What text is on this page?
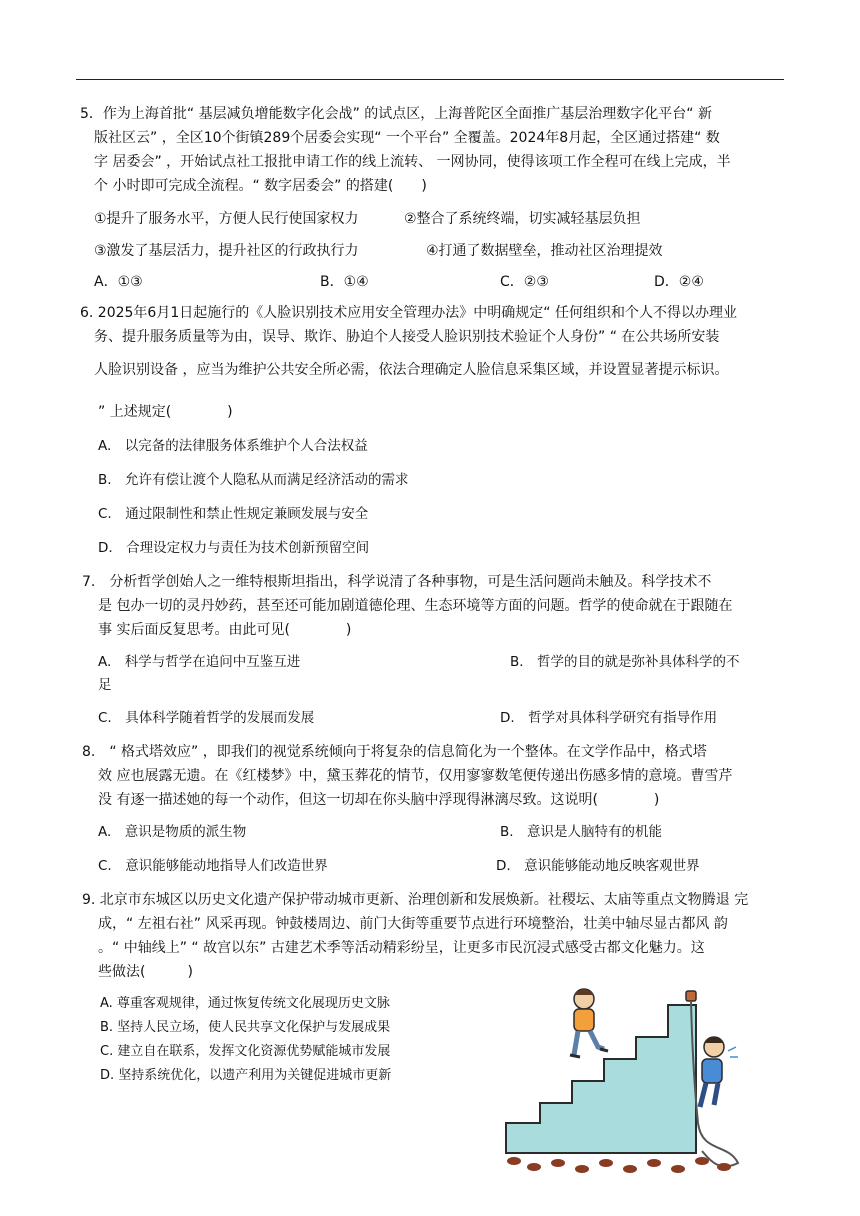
5．作为上海首批“ 基层减负增能数字化会战” 的试点区，上海普陀区全面推广基层治理数字化平台“ 新
版社区云” ，全区10个街镇289个居委会实现“ 一个平台” 全覆盖。2024年8月起，全区通过搭建“ 数
字 居委会” ，开始试点社工报批申请工作的线上流转、 一网协同，使得该项工作全程可在线上完成，半
个 小时即可完成全流程。“ 数字居委会” 的搭建(　　)
①提升了服务水平，方便人民行使国家权力	②整合了系统终端，切实减轻基层负担
③激发了基层活力，提升社区的行政执行力	④打通了数据壁垒，推动社区治理提效
A．①③	B．①④	C．②③	D．②④
6. 2025年6月1日起施行的《人脸识别技术应用安全管理办法》中明确规定“ 任何组织和个人不得以办理业
务、提升服务质量等为由，误导、欺诈、胁迫个人接受人脸识别技术验证个人身份” “ 在公共场所安装
人脸识别设备 ，应当为维护公共安全所必需，依法合理确定人脸信息采集区域，并设置显著提示标识。
” 上述规定(　　　　)
A.　以完备的法律服务体系维护个人合法权益
B.　允许有偿让渡个人隐私从而满足经济活动的需求
C.　通过限制性和禁止性规定兼顾发展与安全
D.　合理设定权力与责任为技术创新预留空间
7.　分析哲学创始人之一维特根斯坦指出，科学说清了各种事物，可是生活问题尚未触及。科学技术不
是 包办一切的灵丹妙药，甚至还可能加剧道德伦理、生态环境等方面的问题。哲学的使命就在于跟随在
事 实后面反复思考。由此可见(　　　　)
A.　科学与哲学在追问中互鉴互进	B.　哲学的目的就是弥补具体科学的不
足
C.　具体科学随着哲学的发展而发展	D.　哲学对具体科学研究有指导作用
8.　“ 格式塔效应” ，即我们的视觉系统倾向于将复杂的信息简化为一个整体。在文学作品中，格式塔
效 应也展露无遗。在《红楼梦》中，黛玉葬花的情节，仅用寥寥数笔便传递出伤感多情的意境。曹雪芹
没 有逐一描述她的每一个动作，但这一切却在你头脑中浮现得淋漓尽致。这说明(　　　　)
A.　意识是物质的派生物	B.　意识是人脑特有的机能
C.　意识能够能动地指导人们改造世界	D.　意识能够能动地反映客观世界
9. 北京市东城区以历史文化遗产保护带动城市更新、治理创新和发展焕新。社稷坛、太庙等重点文物腾退 完
成，“ 左祖右社” 风采再现。钟鼓楼周边、前门大街等重要节点进行环境整治，壮美中轴尽显古都风 韵
。“ 中轴线上” “ 故宫以东” 古建艺术季等活动精彩纷呈，让更多市民沉浸式感受古都文化魅力。这
些做法(　　　)
A. 尊重客观规律，通过恢复传统文化展现历史文脉
B. 坚持人民立场，使人民共享文化保护与发展成果
C. 建立自在联系，发挥文化资源优势赋能城市发展
D. 坚持系统优化，以遗产利用为关键促进城市更新
